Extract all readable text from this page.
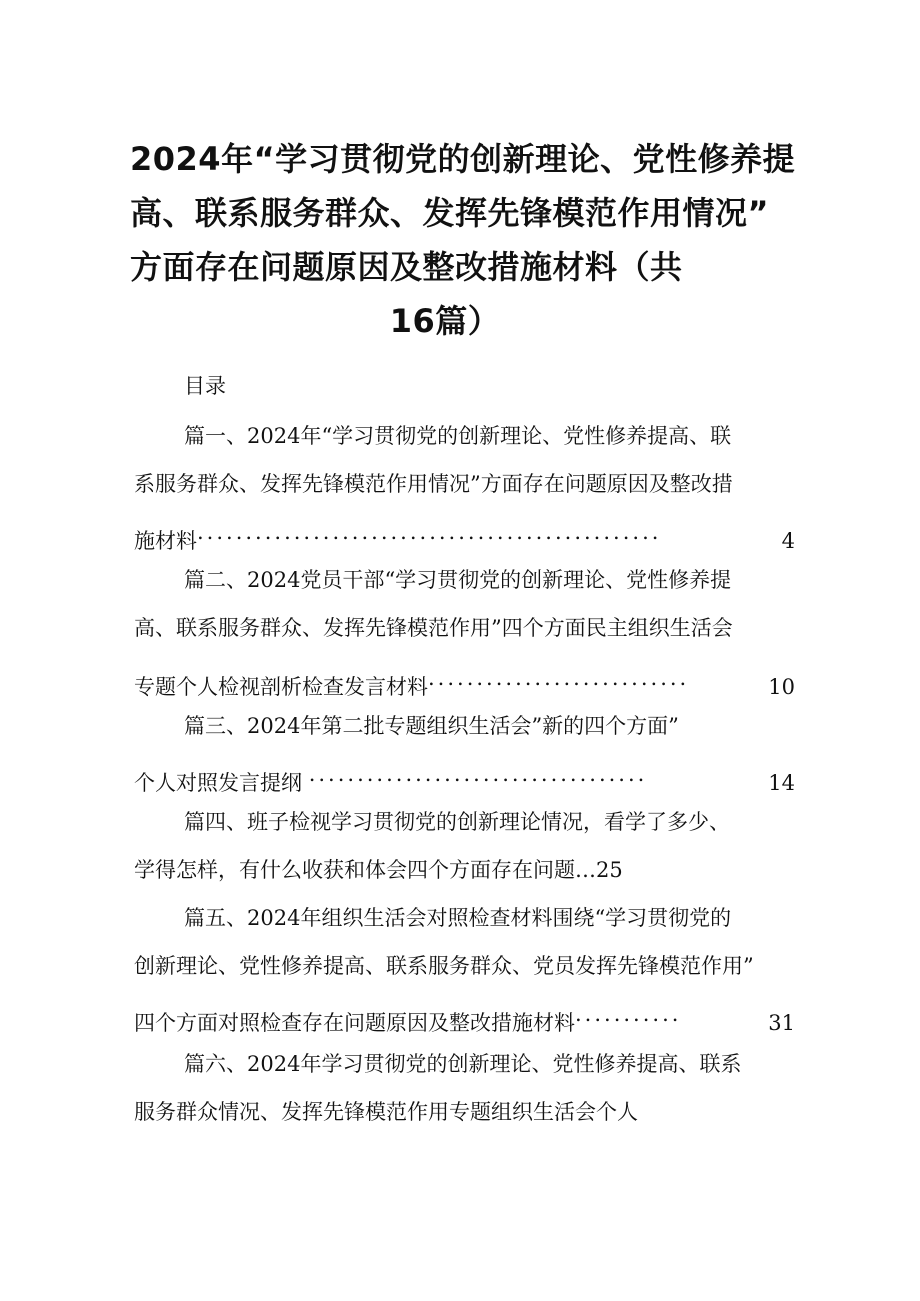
2024年“学习贯彻党的创新理论、党性修养提
高、联系服务群众、发挥先锋模范作用情况”
方面存在问题原因及整改措施材料（共
16篇）
目录
篇一、2024年“学习贯彻党的创新理论、党性修养提高、联
系服务群众、发挥先锋模范作用情况”方面存在问题原因及整改措
施材料................................................	4
篇二、2024党员干部“学习贯彻党的创新理论、党性修养提
高、联系服务群众、发挥先锋模范作用”四个方面民主组织生活会
专题个人检视剖析检查发言材料...........................	10
篇三、2024年第二批专题组织生活会”新的四个方面”
个人对照发言提纲 ...................................	14
篇四、班子检视学习贯彻党的创新理论情况，看学了多少、
学得怎样，有什么收获和体会四个方面存在问题…25
篇五、2024年组织生活会对照检查材料围绕“学习贯彻党的
创新理论、党性修养提高、联系服务群众、党员发挥先锋模范作用”
四个方面对照检查存在问题原因及整改措施材料...........	31
篇六、2024年学习贯彻党的创新理论、党性修养提高、联系
服务群众情况、发挥先锋模范作用专题组织生活会个人
